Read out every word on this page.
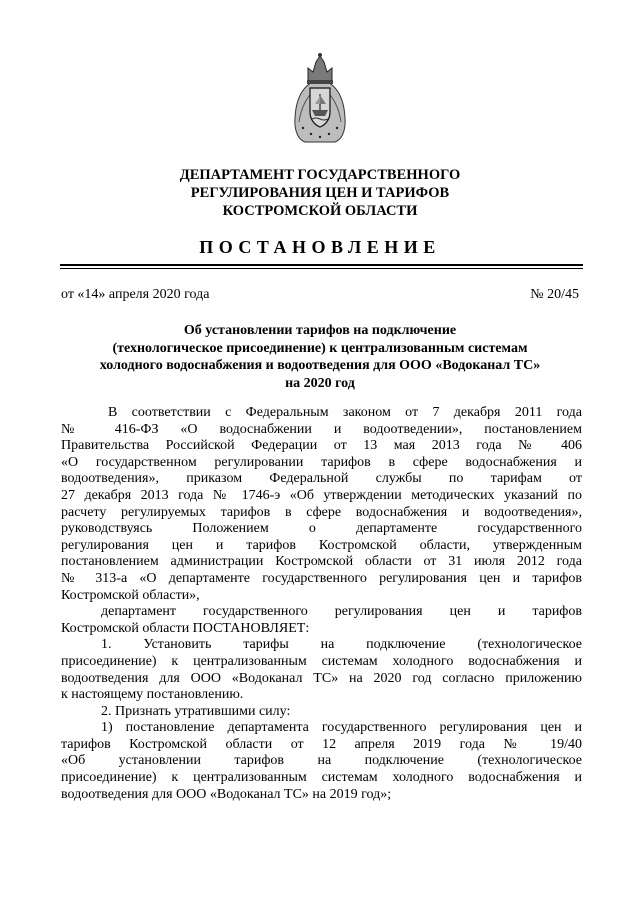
ДЕПАРТАМЕНТ ГОСУДАРСТВЕННОГО
РЕГУЛИРОВАНИЯ ЦЕН И ТАРИФОВ
КОСТРОМСКОЙ ОБЛАСТИ
ПОСТАНОВЛЕНИЕ
от «14» апреля 2020 года	№ 20/45
Об установлении тарифов на подключение
(технологическое присоединение) к централизованным системам
холодного водоснабжения и водоотведения для ООО «Водоканал ТС»
на 2020 год
В соответствии с Федеральным законом от 7 декабря 2011 года
№ 416-ФЗ «О водоснабжении и водоотведении», постановлением
Правительства Российской Федерации от 13 мая 2013 года № 406
«О государственном регулировании тарифов в сфере водоснабжения и
водоотведения», приказом Федеральной службы по тарифам от
27 декабря 2013 года № 1746-э «Об утверждении методических указаний по
расчету регулируемых тарифов в сфере водоснабжения и водоотведения»,
руководствуясь Положением о департаменте государственного
регулирования цен и тарифов Костромской области, утвержденным
постановлением администрации Костромской области от 31 июля 2012 года
№ 313-а «О департаменте государственного регулирования цен и тарифов
Костромской области»,
департамент государственного регулирования цен и тарифов
Костромской области ПОСТАНОВЛЯЕТ:
1. Установить тарифы на подключение (технологическое
присоединение) к централизованным системам холодного водоснабжения и
водоотведения для ООО «Водоканал ТС» на 2020 год согласно приложению
к настоящему постановлению.
2. Признать утратившими силу:
1) постановление департамента государственного регулирования цен и
тарифов Костромской области от 12 апреля 2019 года № 19/40
«Об установлении тарифов на подключение (технологическое
присоединение) к централизованным системам холодного водоснабжения и
водоотведения для ООО «Водоканал ТС» на 2019 год»;
